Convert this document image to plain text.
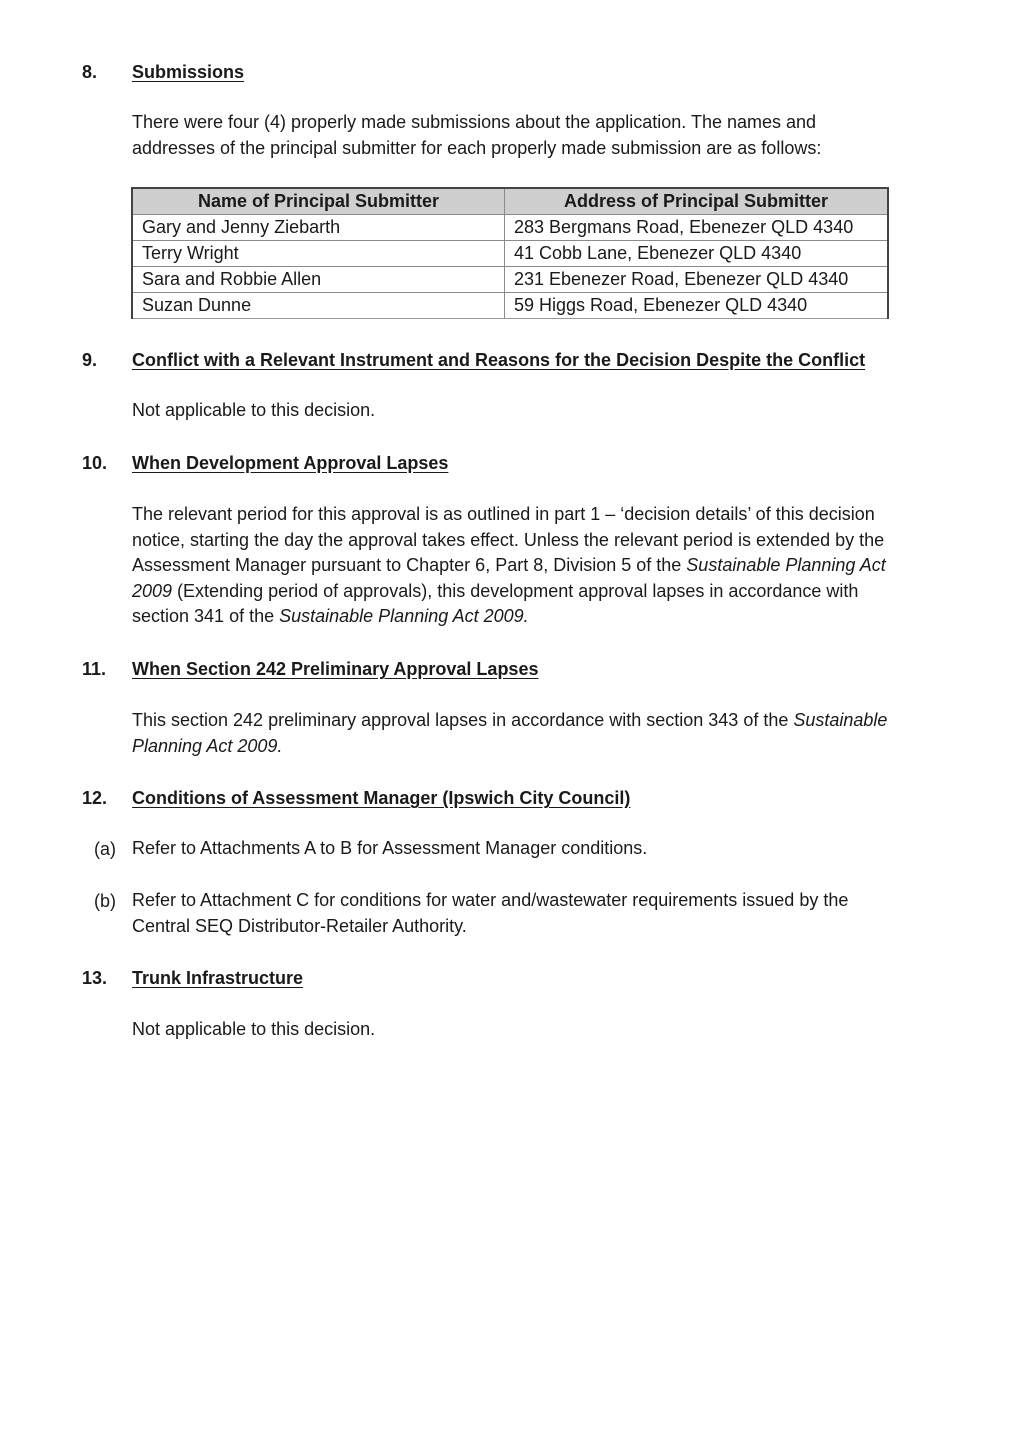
8. Submissions
There were four (4) properly made submissions about the application. The names and addresses of the principal submitter for each properly made submission are as follows:
Name of Principal Submitter	Address of Principal Submitter
Gary and Jenny Ziebarth	283 Bergmans Road, Ebenezer QLD 4340
Terry Wright	41 Cobb Lane, Ebenezer QLD 4340
Sara and Robbie Allen	231 Ebenezer Road, Ebenezer QLD 4340
Suzan Dunne	59 Higgs Road, Ebenezer QLD 4340
9. Conflict with a Relevant Instrument and Reasons for the Decision Despite the Conflict
Not applicable to this decision.
10. When Development Approval Lapses
The relevant period for this approval is as outlined in part 1 – ‘decision details’ of this decision notice, starting the day the approval takes effect. Unless the relevant period is extended by the Assessment Manager pursuant to Chapter 6, Part 8, Division 5 of the Sustainable Planning Act 2009 (Extending period of approvals), this development approval lapses in accordance with section 341 of the Sustainable Planning Act 2009.
11. When Section 242 Preliminary Approval Lapses
This section 242 preliminary approval lapses in accordance with section 343 of the Sustainable Planning Act 2009.
12. Conditions of Assessment Manager (Ipswich City Council)
(a) Refer to Attachments A to B for Assessment Manager conditions.
(b) Refer to Attachment C for conditions for water and/wastewater requirements issued by the Central SEQ Distributor-Retailer Authority.
13. Trunk Infrastructure
Not applicable to this decision.
